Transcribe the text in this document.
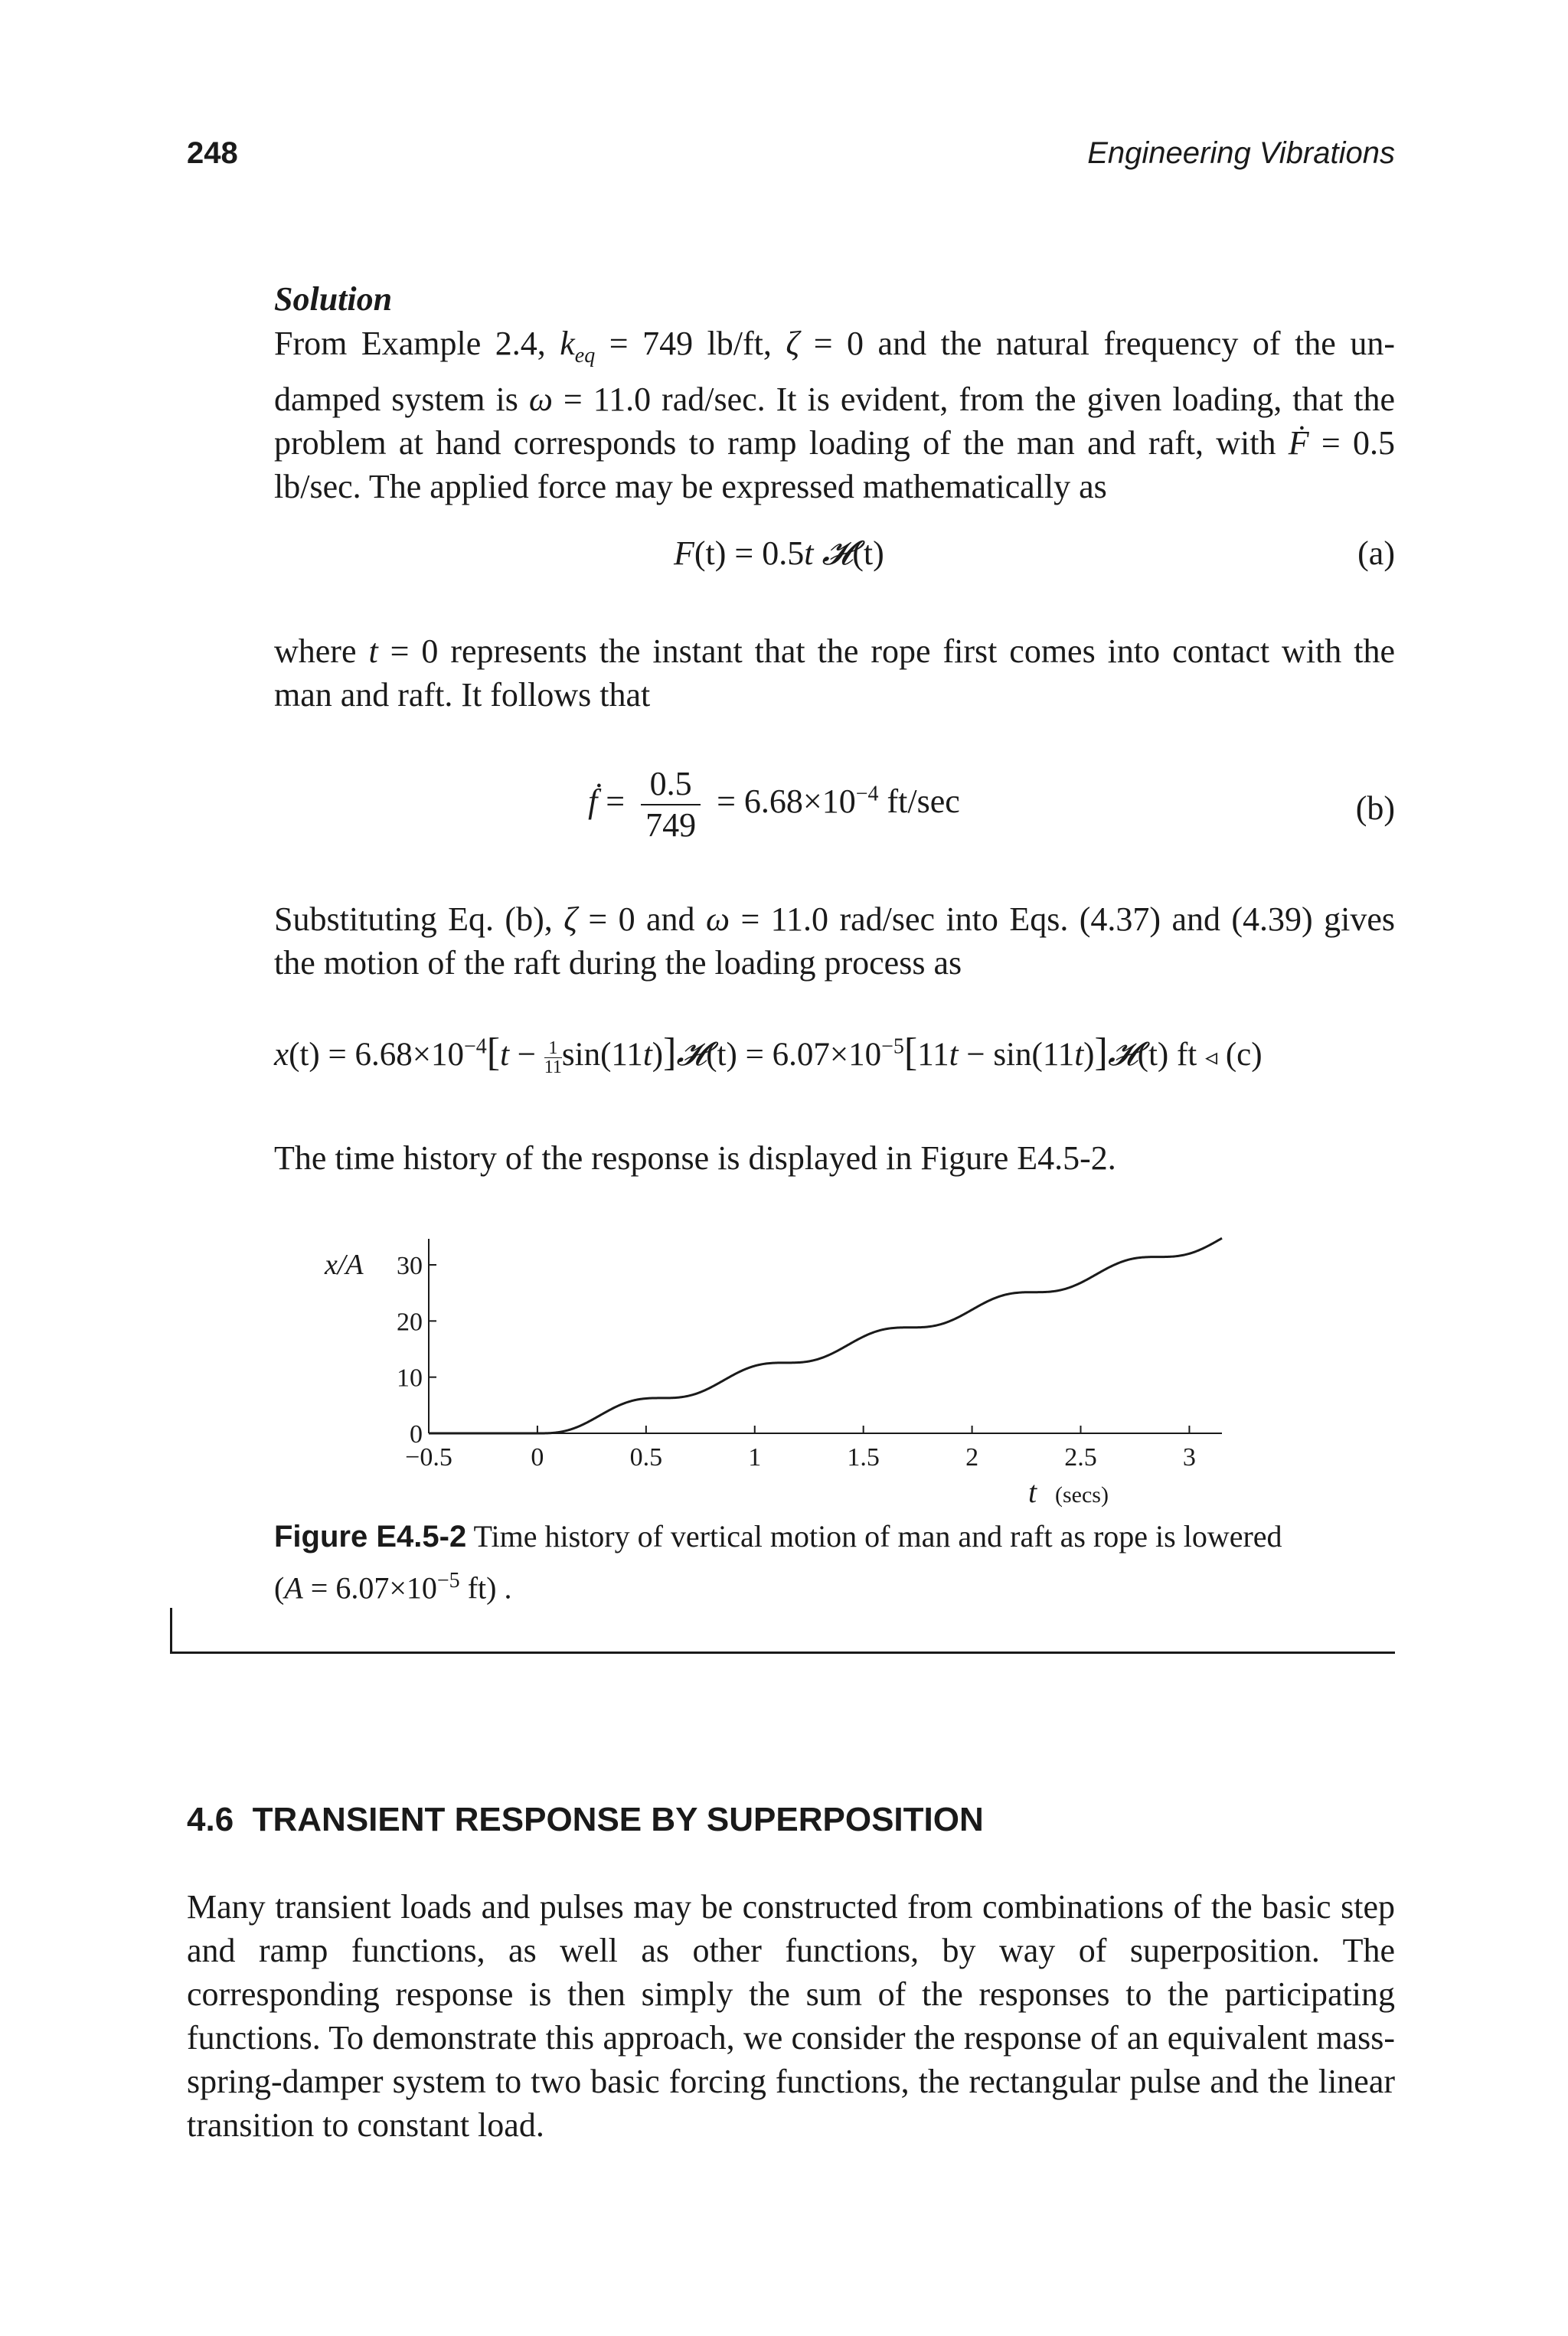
248	Engineering Vibrations
Solution
From Example 2.4, $k_{eq} = 749$ lb/ft, ζ = 0 and the natural frequency of the un-damped system is ω = 11.0 rad/sec. It is evident, from the given loading, that the problem at hand corresponds to ramp loading of the man and raft, with Ḟ = 0.5 lb/sec. The applied force may be expressed mathematically as
F(t) = 0.5t 𝓗(t)	(a)
where t = 0 represents the instant that the rope first comes into contact with the man and raft. It follows that
ḟ = $\frac{0.5}{749} = 6.68\times 10^{-4}$ ft/sec	(b)
Substituting Eq. (b), ζ = 0 and ω = 11.0 rad/sec into Eqs. (4.37) and (4.39) gives the motion of the raft during the loading process as
$x(t) = 6.68\times 10^{-4}[t - \frac{1}{11}$ sin(11t)]𝓗(t) = $6.07\times 10^{-5}[11t$ − sin(11t)]𝓗(t) ft ◃ (c)
The time history of the response is displayed in Figure E4.5-2.
−0.5	0	0.5	1	1.5	2	2.5	3
0
10
20
30
x/A
t (secs)
Figure E4.5-2 Time history of vertical motion of man and raft as rope is lowered
($A = 6.07\times 10^{-5}$ ft) .
4.6 TRANSIENT RESPONSE BY SUPERPOSITION
Many transient loads and pulses may be constructed from combinations of the basic step and ramp functions, as well as other functions, by way of superposition. The corresponding response is then simply the sum of the responses to the participating functions. To demonstrate this approach, we consider the response of an equivalent mass-spring-damper system to two basic forcing functions, the rectangular pulse and the linear transition to constant load.
